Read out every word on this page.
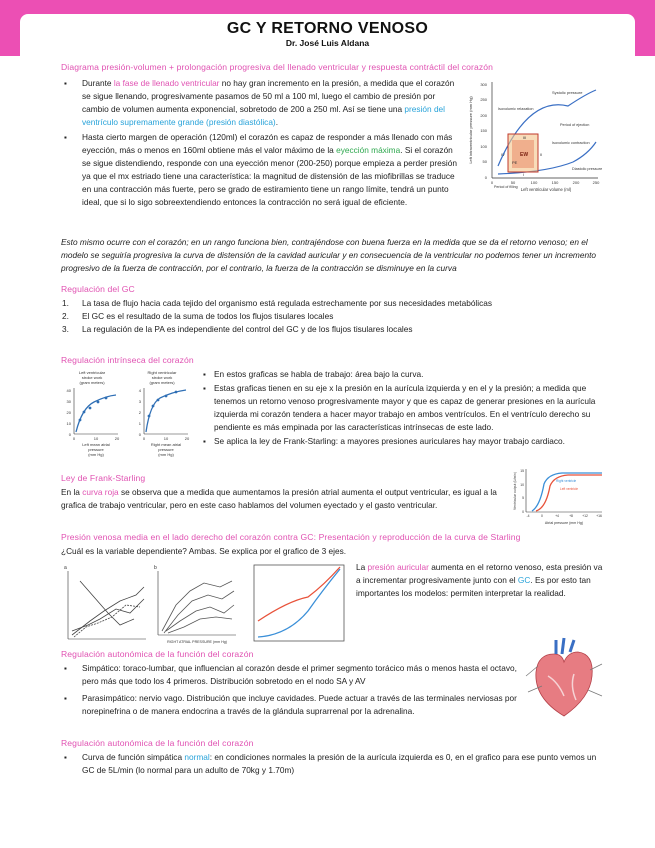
GC Y RETORNO VENOSO
Dr. José Luis Aldana
Diagrama presión-volumen + prolongación progresiva del llenado ventricular y respuesta contráctil del corazón

▪ Durante la fase de llenado ventricular no hay gran incremento en la presión, a medida que el corazón se sigue llenando, progresivamente pasamos de 50 ml a 100 ml, luego el cambio de presión por cambio de volumen aumenta exponencial, sobretodo de 200 a 250 ml. Así se tiene una presión del ventrículo supremamente grande (presión diastólica).

▪ Hasta cierto margen de operación (120ml) el corazón es capaz de responder a más llenado con más eyección, más o menos en 160ml obtiene más el valor máximo de la eyección máxima. Si el corazón se sigue distendiendo, responde con una eyección menor (200-250) porque empieza a perder presión ya que el mx estriado tiene una característica: la magnitud de distensión de las miofibrillas se traduce en una contracción más fuerte, pero se grado de estiramiento tiene un rango límite, tendrá un punto ideal, que si lo sigo sobreextendiendo entonces la contracción no será igual de eficiente.

Esto mismo ocurre con el corazón; en un rango funciona bien, contrajéndose con buena fuerza en la medida que se da el retorno venoso; en el modelo se seguiría progresiva la curva de distensión de la cavidad auricular y en consecuencia de la ventricular no podemos tener un incremento progresivo de la fuerza de contracción, por el contrario, la fuerza de la contracción se disminuye en la curva
Left intraventricular pressure (mm Hg)
300
250
200
150
100
50
0
0	50	100	150	200	250
Left ventricular volume (ml)
EW
III
II
IV
I
PE
Systolic pressure
Isovolumic relaxation
Period of ejection
Isovolumic contraction
Diastolic pressure
Period of filling
Regulación del GC

1. La tasa de flujo hacia cada tejido del organismo está regulada estrechamente por sus necesidades metabólicas

2. El GC es el resultado de la suma de todos los flujos tisulares locales

3. La regulación de la PA es independiente del control del GC y de los flujos tisulares locales

Regulación intrínseca del corazón
Left ventricular
stroke work
(gram meters)
40
30
20
10
0
0	10	20
Left mean atrial
pressure
(mm Hg)
Right ventricular
stroke work
(gram meters)
4
3
2
1
0
0	10	20
Right mean atrial
pressure
(mm Hg)

▪ En estos graficas se habla de trabajo: área bajo la curva.

▪ Estas graficas tienen en su eje x la presión en la aurícula izquierda y en el y la presión; a medida que tenemos un retorno venoso progresivamente mayor y que es capaz de generar presiones en la aurícula izquierda mi corazón tendera a hacer mayor trabajo en ambos ventrículos. En el ventrículo derecho su pendiente es más empinada por las características intrínsecas de este lado.

▪ Se aplica la ley de Frank-Starling: a mayores presiones auriculares hay mayor trabajo cardiaco.

Ley de Frank-Starling
En la curva roja se observa que a medida que aumentamos la presión atrial aumenta el output ventricular, es igual a la grafica de trabajo ventricular, pero en este caso hablamos del volumen eyectado y el gasto ventricular.	Ventricular output (L/min)
15
10
5
0
-4	0	+4	+8	+12 +16
Atrial pressure (mm Hg)
Right ventricle
Left ventricle
Presión venosa media en el lado derecho del corazón contra GC: Presentación y reproducción de la curva de Starling
¿Cuál es la variable dependiente? Ambas. Se explica por el grafico de 3 ejes.
a	b
RIGHT ATRIAL PRESSURE (mm Hg)
La presión auricular aumenta en el retorno venoso, esta presión va a incrementar progresivamente junto con el GC. Es por esto tan importantes los modelos: permiten interpretar la realidad.
Regulación autonómica de la función del corazón

▪ Simpático: toraco-lumbar, que influencian al corazón desde el primer segmento torácico más o menos hasta el octavo, pero más que todo los 4 primeros. Distribución sobretodo en el nodo SA y AV

▪ Parasimpático: nervio vago. Distribución que incluye cavidades. Puede actuar a través de las terminales nerviosas por norepinefrina o de manera endocrina a través de la glándula suprarrenal por la adrenalina.

Regulación autonómica de la función del corazón

▪ Curva de función simpática normal: en condiciones normales la presión de la aurícula izquierda es 0, en el grafico para ese punto vemos un GC de 5L/min (lo normal para un adulto de 70kg y 1.70m)
